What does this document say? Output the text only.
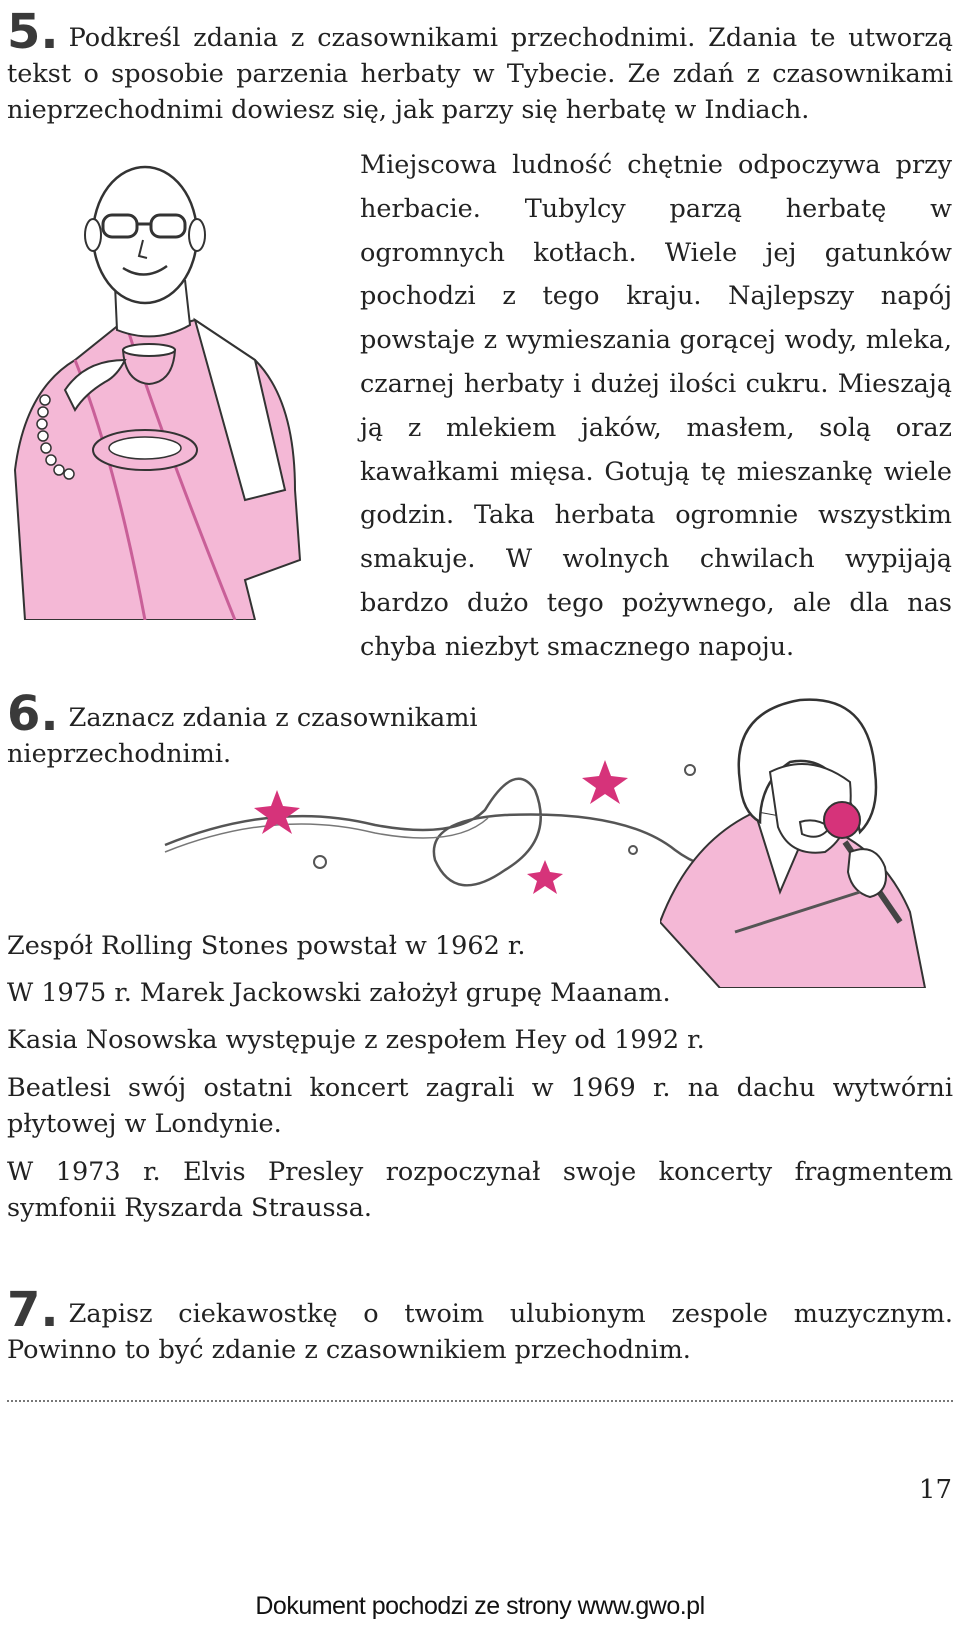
5. Podkreśl zdania z czasownikami przechodnimi. Zdania te utworzą tekst o sposobie parzenia herbaty w Tybecie. Ze zdań z czasownikami nieprzechodnimi dowiesz się, jak parzy się herbatę w Indiach.
Miejscowa ludność chętnie odpoczywa przy herbacie. Tubylcy parzą herbatę w ogromnych kotłach. Wiele jej gatunków pochodzi z tego kraju. Najlepszy napój powstaje z wymieszania gorącej wody, mleka, czarnej herbaty i dużej ilości cukru. Mieszają ją z mlekiem jaków, masłem, solą oraz kawałkami mięsa. Gotują tę mieszankę wiele godzin. Taka herbata ogromnie wszystkim smakuje. W wolnych chwilach wypijają bardzo dużo tego pożywnego, ale dla nas chyba niezbyt smacznego napoju.
6. Zaznacz zdania z czasownikami nieprzechodnimi.
Zespół Rolling Stones powstał w 1962 r.
W 1975 r. Marek Jackowski założył grupę Maanam.
Kasia Nosowska występuje z zespołem Hey od 1992 r.
Beatlesi swój ostatni koncert zagrali w 1969 r. na dachu wytwórni płytowej w Londynie.
W 1973 r. Elvis Presley rozpoczynał swoje koncerty fragmentem symfonii Ryszarda Straussa.
7. Zapisz ciekawostkę o twoim ulubionym zespole muzycznym. Powinno to być zdanie z czasownikiem przechodnim.
17
Dokument pochodzi ze strony www.gwo.pl
